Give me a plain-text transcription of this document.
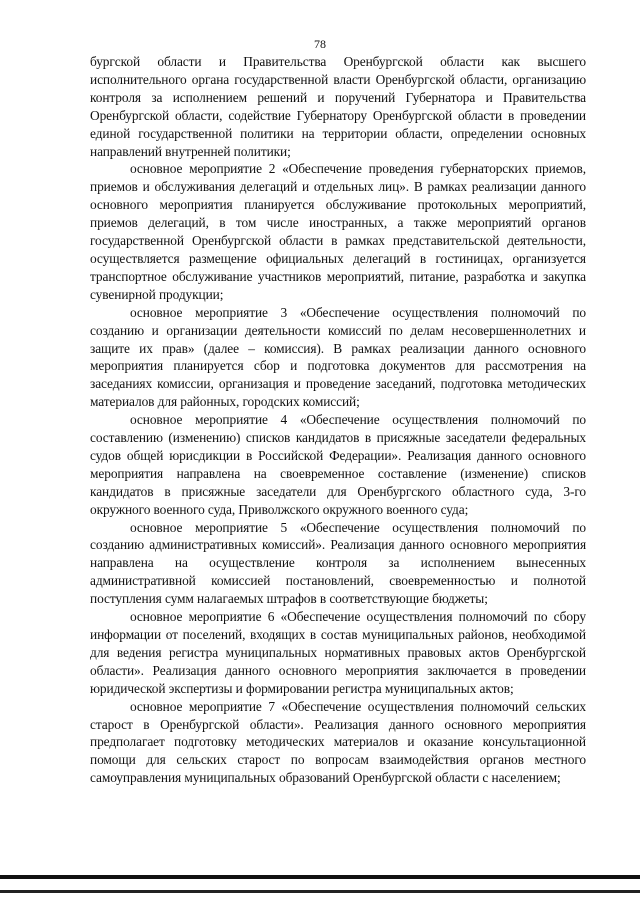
78

бургской области и Правительства Оренбургской области как высшего исполнительного органа государственной власти Оренбургской области, организацию контроля за исполнением решений и поручений Губернатора и Правительства Оренбургской области, содействие Губернатору Оренбургской области в проведении единой государственной политики на территории области, определении основных направлений внутренней политики;

основное мероприятие 2 «Обеспечение проведения губернаторских приемов, приемов и обслуживания делегаций и отдельных лиц». В рамках реализации данного основного мероприятия планируется обслуживание протокольных мероприятий, приемов делегаций, в том числе иностранных, а также мероприятий органов государственной Оренбургской области в рамках представительской деятельности, осуществляется размещение официальных делегаций в гостиницах, организуется транспортное обслуживание участников мероприятий, питание, разработка и закупка сувенирной продукции;

основное мероприятие 3 «Обеспечение осуществления полномочий по созданию и организации деятельности комиссий по делам несовершеннолетних и защите их прав» (далее – комиссия). В рамках реализации данного основного мероприятия планируется сбор и подготовка документов для рассмотрения на заседаниях комиссии, организация и проведение заседаний, подготовка методических материалов для районных, городских комиссий;

основное мероприятие 4 «Обеспечение осуществления полномочий по составлению (изменению) списков кандидатов в присяжные заседатели федеральных судов общей юрисдикции в Российской Федерации». Реализация данного основного мероприятия направлена на своевременное составление (изменение) списков кандидатов в присяжные заседатели для Оренбургского областного суда, 3-го окружного военного суда, Приволжского окружного военного суда;

основное мероприятие 5 «Обеспечение осуществления полномочий по созданию административных комиссий». Реализация данного основного мероприятия направлена на осуществление контроля за исполнением вынесенных административной комиссией постановлений, своевременностью и полнотой поступления сумм налагаемых штрафов в соответствующие бюджеты;

основное мероприятие 6 «Обеспечение осуществления полномочий по сбору информации от поселений, входящих в состав муниципальных районов, необходимой для ведения регистра муниципальных нормативных правовых актов Оренбургской области». Реализация данного основного мероприятия заключается в проведении юридической экспертизы и формировании регистра муниципальных актов;

основное мероприятие 7 «Обеспечение осуществления полномочий сельских старост в Оренбургской области». Реализация данного основного мероприятия предполагает подготовку методических материалов и оказание консультационной помощи для сельских старост по вопросам взаимодействия органов местного самоуправления муниципальных образований Оренбургской области с населением;
